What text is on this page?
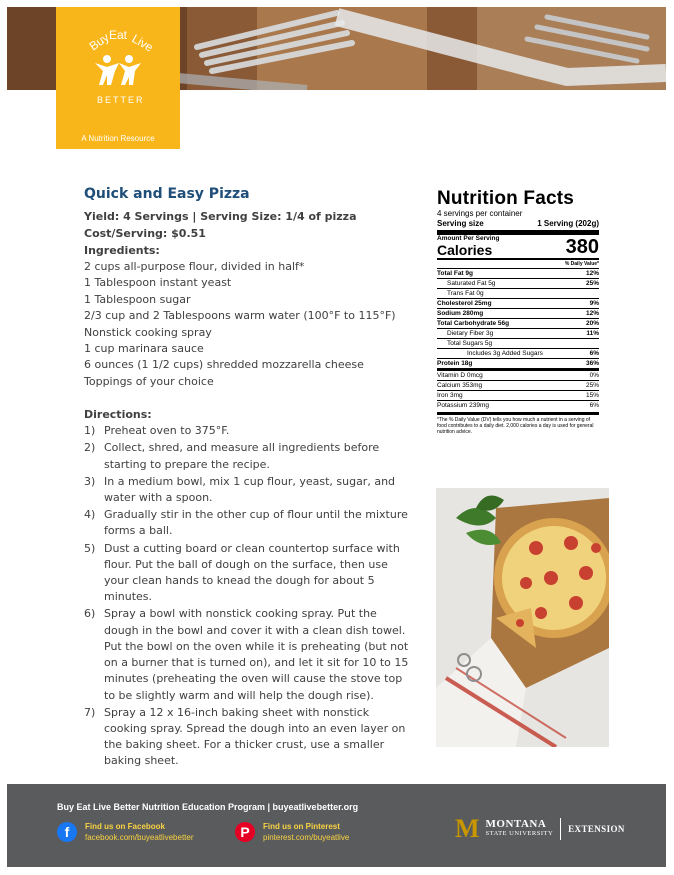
Buy
Eat Live
BETTER
A Nutrition Resource
Quick and Easy Pizza
Yield: 4 Servings | Serving Size: 1/4 of pizza
Cost/Serving: $0.51
Ingredients:
2 cups all-purpose flour, divided in half*
1 Tablespoon instant yeast
1 Tablespoon sugar
2/3 cup and 2 Tablespoons warm water (100°F to 115°F)
Nonstick cooking spray
1 cup marinara sauce
6 ounces (1 1/2 cups) shredded mozzarella cheese
Toppings of your choice
Directions:
1) Preheat oven to 375°F.
2) Collect, shred, and measure all ingredients before starting to prepare the recipe.
3) In a medium bowl, mix 1 cup flour, yeast, sugar, and water with a spoon.
4) Gradually stir in the other cup of flour until the mixture forms a ball.
5) Dust a cutting board or clean countertop surface with flour. Put the ball of dough on the surface, then use your clean hands to knead the dough for about 5 minutes.
6) Spray a bowl with nonstick cooking spray. Put the dough in the bowl and cover it with a clean dish towel. Put the bowl on the oven while it is preheating (but not on a burner that is turned on), and let it sit for 10 to 15 minutes (preheating the oven will cause the stove top to be slightly warm and will help the dough rise).
7) Spray a 12 x 16-inch baking sheet with nonstick cooking spray. Spread the dough into an even layer on the baking sheet. For a thicker crust, use a smaller baking sheet.
Nutrition Facts
4 servings per container
Serving size	1 Serving (202g)
Amount Per Serving
Calories	380
% Daily Value*
Total Fat 9g	12%
Saturated Fat 5g	25%
Trans Fat 0g
Cholesterol 25mg	9%
Sodium 280mg	12%
Total Carbohydrate 56g	20%
Dietary Fiber 3g	11%
Total Sugars 5g
Includes 3g Added Sugars	6%
Protein 18g	36%
Vitamin D 0mcg	0%
Calcium 353mg	25%
Iron 3mg	15%
Potassium 239mg	6%
*The % Daily Value (DV) tells you how much a nutrient in a serving of food contributes to a daily diet. 2,000 calories a day is used for general nutrition advice.
Buy Eat Live Better Nutrition Education Program | buyeatlivebetter.org
f	Find us on Facebook
facebook.com/buyeatlivebetter	P	Find us on Pinterest
pinterest.com/buyeatlive	M MONTANA
STATE UNIVERSITY EXTENSION
